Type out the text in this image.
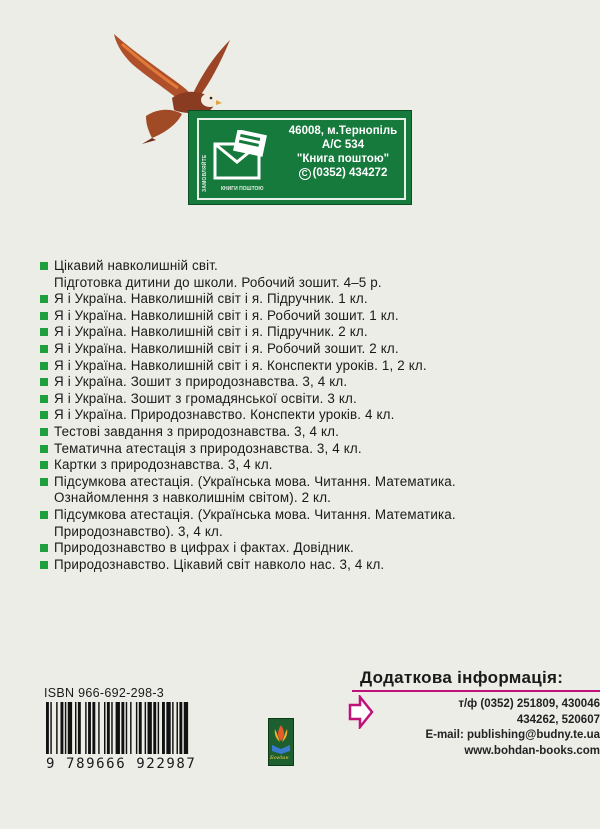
ЗАМОВЛЯЙТЕ	КНИГИ ПОШТОЮ
46008, м.Тернопіль
А/С 534
"Книга поштою"
C (0352) 434272
Цікавий навколишній світ.
Підготовка дитини до школи. Робочий зошит. 4–5 р.
Я і Україна. Навколишній світ і я. Підручник. 1 кл.
Я і Україна. Навколишній світ і я. Робочий зошит. 1 кл.
Я і Україна. Навколишній світ і я. Підручник. 2 кл.
Я і Україна. Навколишній світ і я. Робочий зошит. 2 кл.
Я і Україна. Навколишній світ і я. Конспекти уроків. 1, 2 кл.
Я і Україна. Зошит з природознавства. 3, 4 кл.
Я і Україна. Зошит з громадянської освіти. 3 кл.
Я і Україна. Природознавство. Конспекти уроків. 4 кл.
Тестові завдання з природознавства. 3, 4 кл.
Тематична атестація з природознавства. 3, 4 кл.
Картки з природознавства. 3, 4 кл.
Підсумкова атестація. (Українська мова. Читання. Математика.
Ознайомлення з навколишнім світом). 2 кл.
Підсумкова атестація. (Українська мова. Читання. Математика.
Природознавство). 3, 4 кл.
Природознавство в цифрах і фактах. Довідник.
Природознавство. Цікавий світ навколо нас. 3, 4 кл.
ISBN 966-692-298-3
9 789666 922987	Богдан
Додаткова інформація:
т/ф (0352) 251809, 430046
434262, 520607
E-mail: publishing@budny.te.ua
www.bohdan-books.com
